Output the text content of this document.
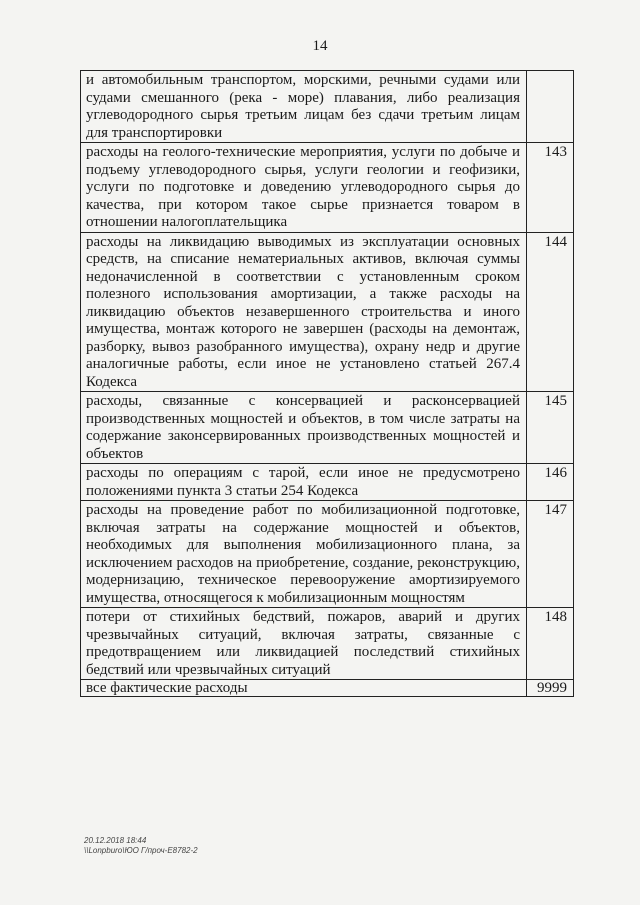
14
и автомобильным транспортом, морскими, речными судами или судами смешанного (река - море) плавания, либо реализация углеводородного сырья третьим лицам без сдачи третьим лицам для транспортировки	
расходы на геолого-технические мероприятия, услуги по добыче и подъему углеводородного сырья, услуги геологии и геофизики, услуги по подготовке и доведению углеводородного сырья до качества, при котором такое сырье признается товаром в отношении налогоплательщика	143
расходы на ликвидацию выводимых из эксплуатации основных средств, на списание нематериальных активов, включая суммы недоначисленной в соответствии с установленным сроком полезного использования амортизации, а также расходы на ликвидацию объектов незавершенного строительства и иного имущества, монтаж которого не завершен (расходы на демонтаж, разборку, вывоз разобранного имущества), охрану недр и другие аналогичные работы, если иное не установлено статьей 267.4 Кодекса	144
расходы, связанные с консервацией и расконсервацией производственных мощностей и объектов, в том числе затраты на содержание законсервированных производственных мощностей и объектов	145
расходы по операциям с тарой, если иное не предусмотрено положениями пункта 3 статьи 254 Кодекса	146
расходы на проведение работ по мобилизационной подготовке, включая затраты на содержание мощностей и объектов, необходимых для выполнения мобилизационного плана, за исключением расходов на приобретение, создание, реконструкцию, модернизацию, техническое перевооружение амортизируемого имущества, относящегося к мобилизационным мощностям	147
потери от стихийных бедствий, пожаров, аварий и других чрезвычайных ситуаций, включая затраты, связанные с предотвращением или ликвидацией последствий стихийных бедствий или чрезвычайных ситуаций	148
все фактические расходы	9999
20.12.2018 18:44
\\Lonpburo\ЮО Г/проч-Е8782-2
